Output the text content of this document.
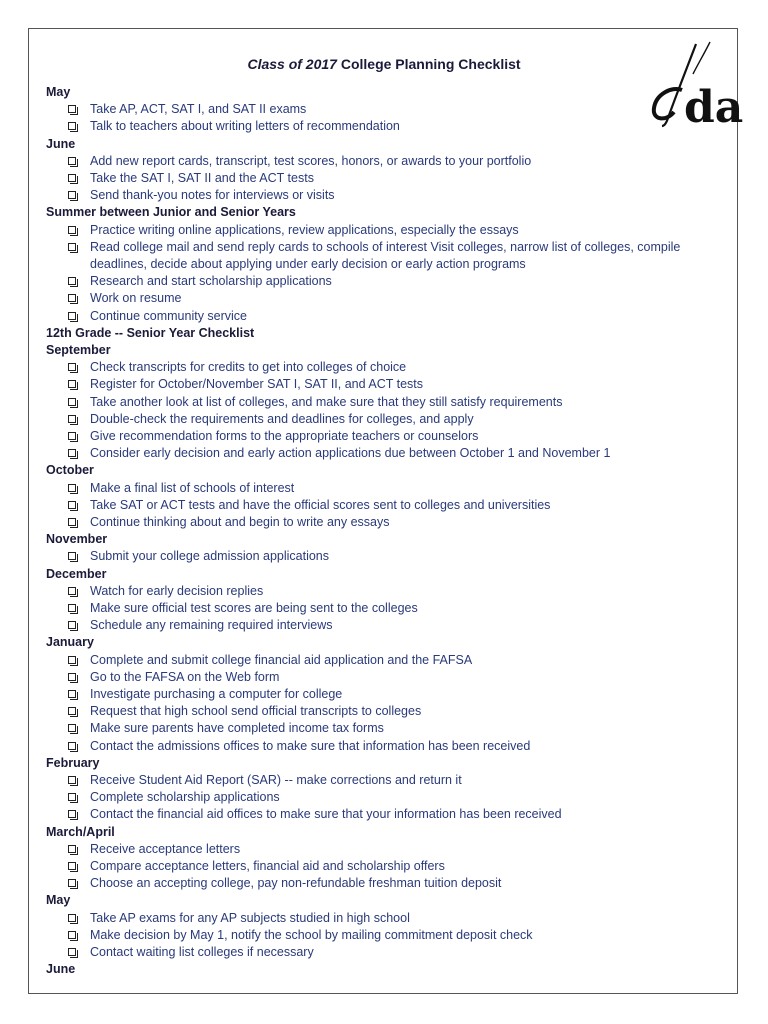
Class of 2017 College Planning Checklist
da
May
Take AP, ACT, SAT I, and SAT II exams
Talk to teachers about writing letters of recommendation
June
Add new report cards, transcript, test scores, honors, or awards to your portfolio
Take the SAT I, SAT II and the ACT tests
Send thank-you notes for interviews or visits
Summer between Junior and Senior Years
Practice writing online applications, review applications, especially the essays
Read college mail and send reply cards to schools of interest Visit colleges, narrow list of colleges, compile deadlines, decide about applying under early decision or early action programs
Research and start scholarship applications
Work on resume
Continue community service
12th Grade -- Senior Year Checklist
September
Check transcripts for credits to get into colleges of choice
Register for October/November SAT I, SAT II, and ACT tests
Take another look at list of colleges, and make sure that they still satisfy requirements
Double-check the requirements and deadlines for colleges, and apply
Give recommendation forms to the appropriate teachers or counselors
Consider early decision and early action applications due between October 1 and November 1
October
Make a final list of schools of interest
Take SAT or ACT tests and have the official scores sent to colleges and universities
Continue thinking about and begin to write any essays
November
Submit your college admission applications
December
Watch for early decision replies
Make sure official test scores are being sent to the colleges
Schedule any remaining required interviews
January
Complete and submit college financial aid application and the FAFSA
Go to the FAFSA on the Web form
Investigate purchasing a computer for college
Request that high school send official transcripts to colleges
Make sure parents have completed income tax forms
Contact the admissions offices to make sure that information has been received
February
Receive Student Aid Report (SAR) -- make corrections and return it
Complete scholarship applications
Contact the financial aid offices to make sure that your information has been received
March/April
Receive acceptance letters
Compare acceptance letters, financial aid and scholarship offers
Choose an accepting college, pay non-refundable freshman tuition deposit
May
Take AP exams for any AP subjects studied in high school
Make decision by May 1, notify the school by mailing commitment deposit check
Contact waiting list colleges if necessary
June
